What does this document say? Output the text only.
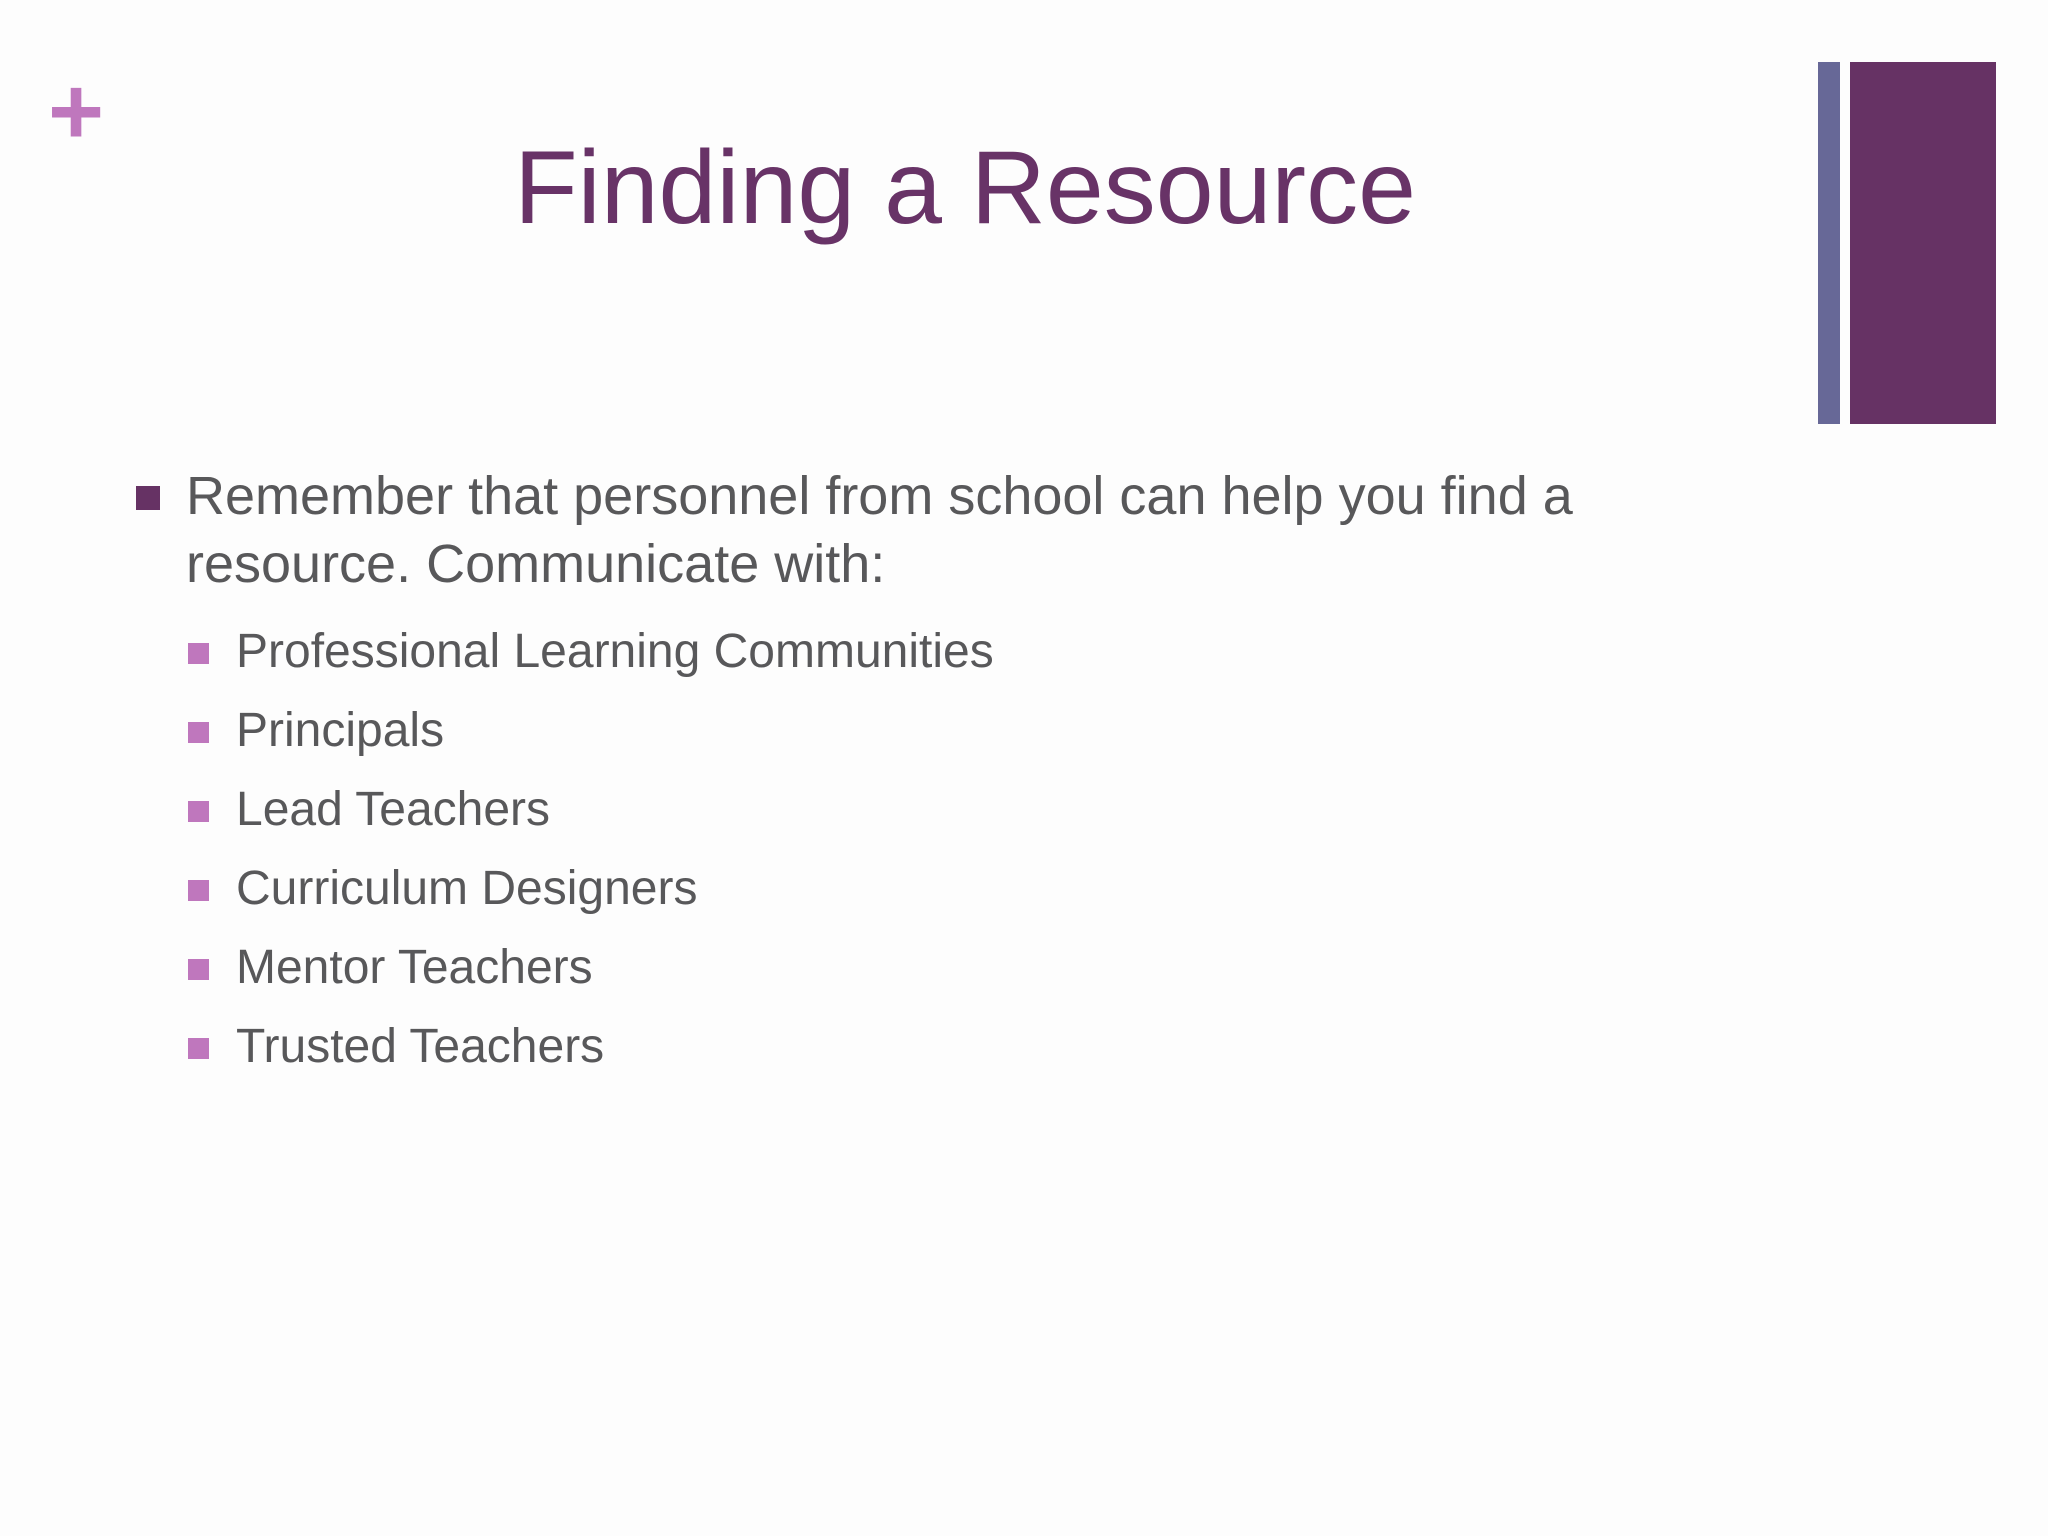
+
Finding a Resource
Remember that personnel from school can help you find a resource. Communicate with:
Professional Learning Communities
Principals
Lead Teachers
Curriculum Designers
Mentor Teachers
Trusted Teachers
